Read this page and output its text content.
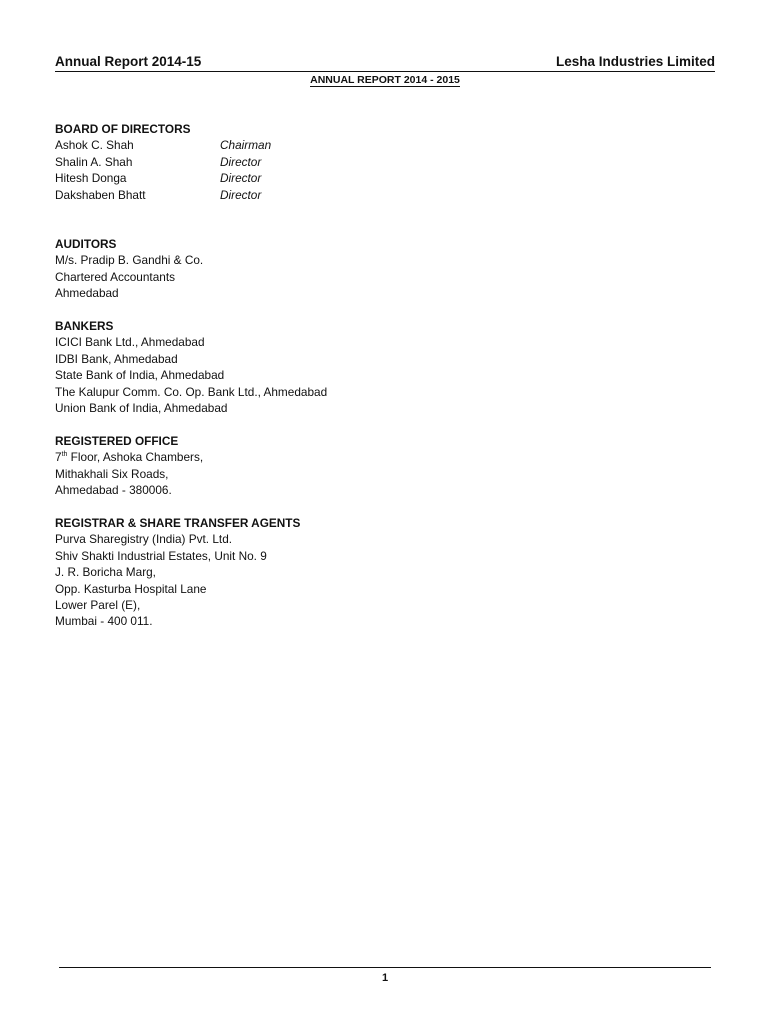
Annual Report 2014-15	Lesha Industries Limited
ANNUAL REPORT 2014 - 2015

BOARD OF DIRECTORS

Ashok C. Shah	Chairman
Shalin A. Shah	Director
Hitesh Donga	Director
Dakshaben Bhatt	Director

AUDITORS

M/s. Pradip B. Gandhi & Co.

Chartered Accountants

Ahmedabad

BANKERS

ICICI Bank Ltd., Ahmedabad

IDBI Bank, Ahmedabad

State Bank of India, Ahmedabad

The Kalupur Comm. Co. Op. Bank Ltd., Ahmedabad

Union Bank of India, Ahmedabad

REGISTERED OFFICE

7th Floor, Ashoka Chambers,

Mithakhali Six Roads,

Ahmedabad - 380006.

REGISTRAR & SHARE TRANSFER AGENTS

Purva Sharegistry (India) Pvt. Ltd.

Shiv Shakti Industrial Estates, Unit No. 9

J. R. Boricha Marg,

Opp. Kasturba Hospital Lane

Lower Parel (E),

Mumbai - 400 011.

1
